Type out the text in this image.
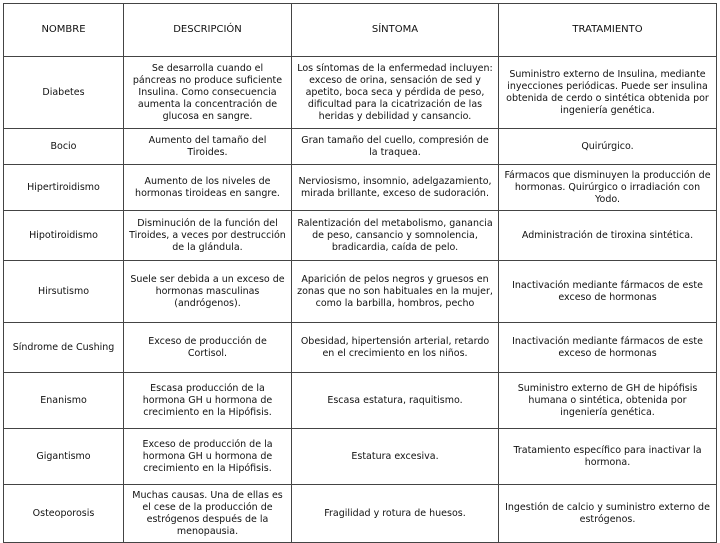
NOMBRE	DESCRIPCIÓN	SÍNTOMA	TRATAMIENTO
Diabetes	Se desarrolla cuando el páncreas no produce suficiente Insulina. Como consecuencia aumenta la concentración de glucosa en sangre.	Los síntomas de la enfermedad incluyen: exceso de orina, sensación de sed y apetito, boca seca y pérdida de peso, dificultad para la cicatrización de las heridas y debilidad y cansancio.	Suministro externo de Insulina, mediante inyecciones periódicas. Puede ser insulina obtenida de cerdo o sintética obtenida por ingeniería genética.
Bocio	Aumento del tamaño del Tiroides.	Gran tamaño del cuello, compresión de la traquea.	Quirúrgico.
Hipertiroidismo	Aumento de los niveles de hormonas tiroideas en sangre.	Nerviosismo, insomnio, adelgazamiento, mirada brillante, exceso de sudoración.	Fármacos que disminuyen la producción de hormonas. Quirúrgico o irradiación con Yodo.
Hipotiroidismo	Disminución de la función del Tiroides, a veces por destrucción de la glándula.	Ralentización del metabolismo, ganancia de peso, cansancio y somnolencia, bradicardia, caída de pelo.	Administración de tiroxina sintética.
Hirsutismo	Suele ser debida a un exceso de hormonas masculinas (andrógenos).	Aparición de pelos negros y gruesos en zonas que no son habituales en la mujer, como la barbilla, hombros, pecho	Inactivación mediante fármacos de este exceso de hormonas
Síndrome de Cushing	Exceso de producción de Cortisol.	Obesidad, hipertensión arterial, retardo en el crecimiento en los niños.	Inactivación mediante fármacos de este exceso de hormonas
Enanismo	Escasa producción de la hormona GH u hormona de crecimiento en la Hipófisis.	Escasa estatura, raquitismo.	Suministro externo de GH de hipófisis humana o sintética, obtenida por ingeniería genética.
Gigantismo	Exceso de producción de la hormona GH u hormona de crecimiento en la Hipófisis.	Estatura excesiva.	Tratamiento específico para inactivar la hormona.
Osteoporosis	Muchas causas. Una de ellas es el cese de la producción de estrógenos después de la menopausia.	Fragilidad y rotura de huesos.	Ingestión de calcio y suministro externo de estrógenos.
